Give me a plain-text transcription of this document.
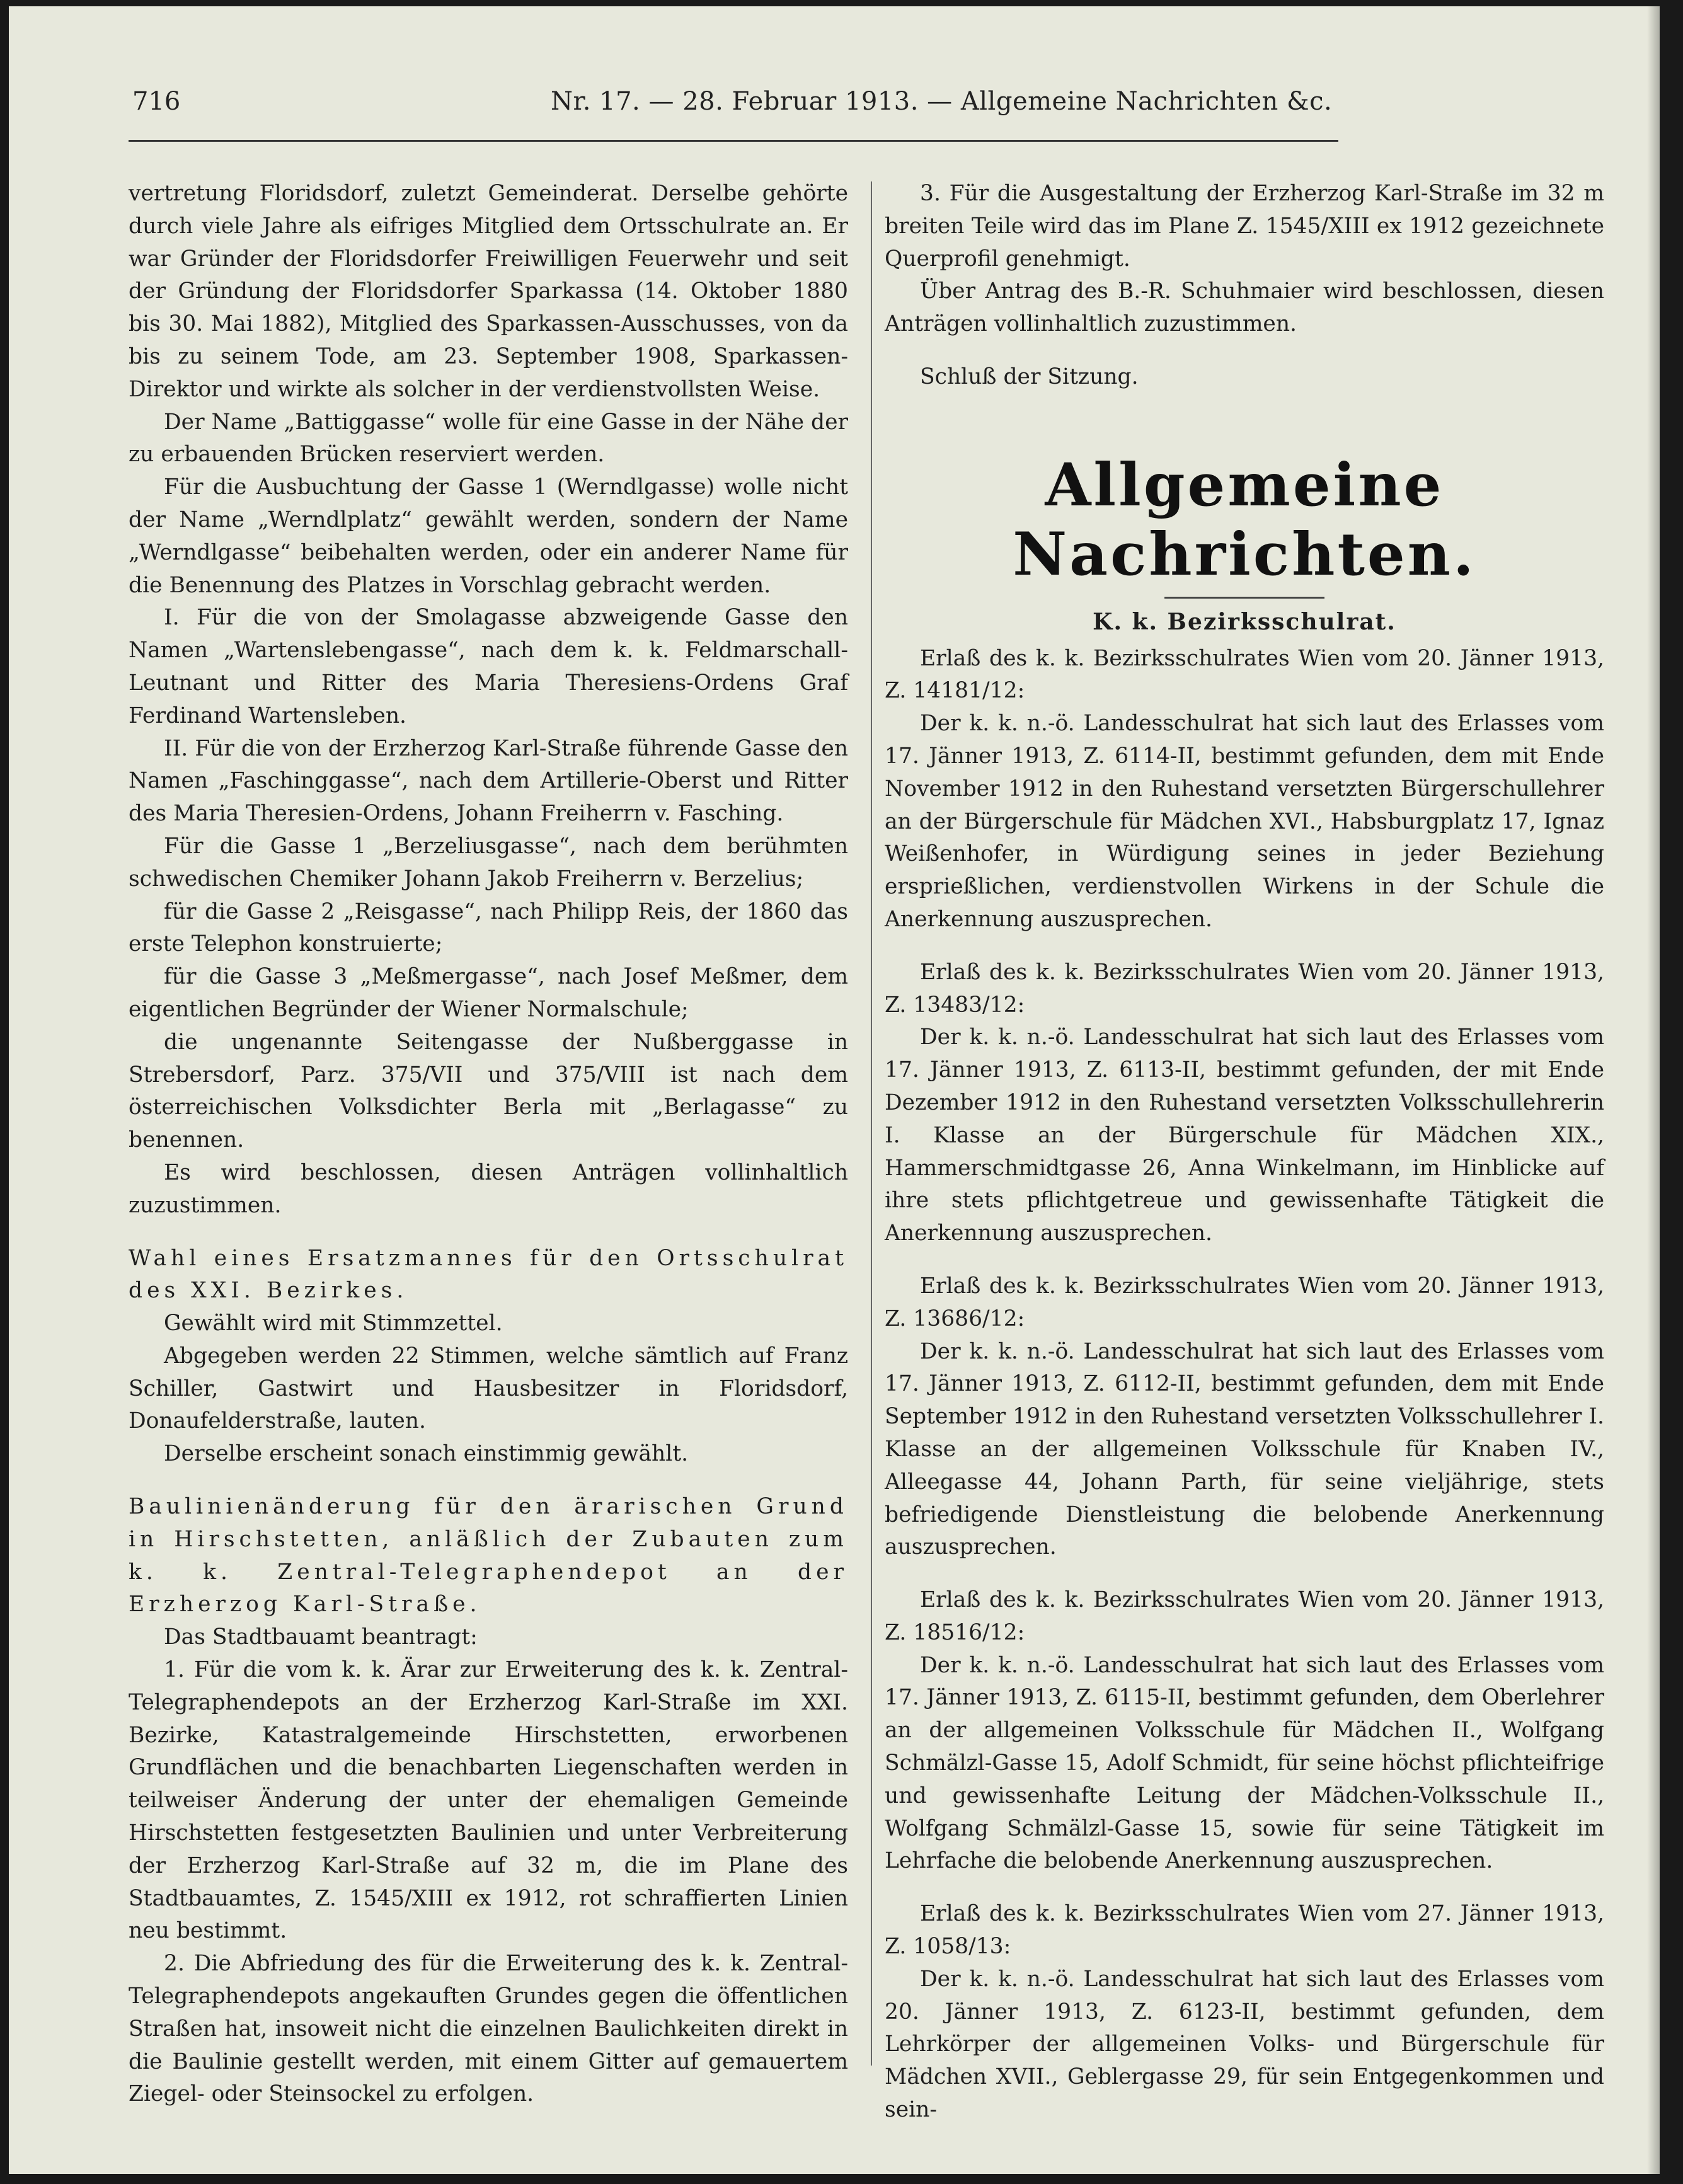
716	Nr. 17. — 28. Februar 1913. — Allgemeine Nachrichten &c.

vertretung Floridsdorf, zuletzt Gemeinderat. Derselbe gehörte durch viele Jahre als eifriges Mitglied dem Ortsschulrate an. Er war Gründer der Floridsdorfer Freiwilligen Feuerwehr und seit der Gründung der Floridsdorfer Sparkassa (14. Oktober 1880 bis 30. Mai 1882), Mitglied des Sparkassen-Ausschusses, von da bis zu seinem Tode, am 23. September 1908, Sparkassen-Direktor und wirkte als solcher in der verdienstvollsten Weise.

Der Name „Battiggasse“ wolle für eine Gasse in der Nähe der zu erbauenden Brücken reserviert werden.

Für die Ausbuchtung der Gasse 1 (Werndlgasse) wolle nicht der Name „Werndlplatz“ gewählt werden, sondern der Name „Werndlgasse“ beibehalten werden, oder ein anderer Name für die Benennung des Platzes in Vorschlag gebracht werden.

I. Für die von der Smolagasse abzweigende Gasse den Namen „Wartenslebengasse“, nach dem k. k. Feldmarschall-Leutnant und Ritter des Maria Theresiens-Ordens Graf Ferdinand Wartensleben.

II. Für die von der Erzherzog Karl-Straße führende Gasse den Namen „Faschinggasse“, nach dem Artillerie-Oberst und Ritter des Maria Theresien-Ordens, Johann Freiherrn v. Fasching.

Für die Gasse 1 „Berzeliusgasse“, nach dem berühmten schwedischen Chemiker Johann Jakob Freiherrn v. Berzelius;

für die Gasse 2 „Reisgasse“, nach Philipp Reis, der 1860 das erste Telephon konstruierte;

für die Gasse 3 „Meßmergasse“, nach Josef Meßmer, dem eigentlichen Begründer der Wiener Normalschule;

die ungenannte Seitengasse der Nußberggasse in Strebersdorf, Parz. 375/VII und 375/VIII ist nach dem österreichischen Volksdichter Berla mit „Berlagasse“ zu benennen.

Es wird beschlossen, diesen Anträgen vollinhaltlich zuzustimmen.

Wahl eines Ersatzmannes für den Ortsschulrat des XXI. Bezirkes.

Gewählt wird mit Stimmzettel.

Abgegeben werden 22 Stimmen, welche sämtlich auf Franz Schiller, Gastwirt und Hausbesitzer in Floridsdorf, Donaufelderstraße, lauten.

Derselbe erscheint sonach einstimmig gewählt.

Baulinienänderung für den ärarischen Grund in Hirschstetten, anläßlich der Zubauten zum k. k. Zentral-Telegraphendepot an der Erzherzog Karl-Straße.

Das Stadtbauamt beantragt:

1. Für die vom k. k. Ärar zur Erweiterung des k. k. Zentral-Telegraphendepots an der Erzherzog Karl-Straße im XXI. Bezirke, Katastralgemeinde Hirschstetten, erworbenen Grundflächen und die benachbarten Liegenschaften werden in teilweiser Änderung der unter der ehemaligen Gemeinde Hirschstetten festgesetzten Baulinien und unter Verbreiterung der Erzherzog Karl-Straße auf 32 m, die im Plane des Stadtbauamtes, Z. 1545/XIII ex 1912, rot schraffierten Linien neu bestimmt.

2. Die Abfriedung des für die Erweiterung des k. k. Zentral-Telegraphendepots angekauften Grundes gegen die öffentlichen Straßen hat, insoweit nicht die einzelnen Baulichkeiten direkt in die Baulinie gestellt werden, mit einem Gitter auf gemauertem Ziegel- oder Steinsockel zu erfolgen.

3. Für die Ausgestaltung der Erzherzog Karl-Straße im 32 m breiten Teile wird das im Plane Z. 1545/XIII ex 1912 gezeichnete Querprofil genehmigt.

Über Antrag des B.-R. Schuhmaier wird beschlossen, diesen Anträgen vollinhaltlich zuzustimmen.

Schluß der Sitzung.

Allgemeine Nachrichten.
K. k. Bezirksschulrat.

Erlaß des k. k. Bezirksschulrates Wien vom 20. Jänner 1913, Z. 14181/12:

Der k. k. n.-ö. Landesschulrat hat sich laut des Erlasses vom 17. Jänner 1913, Z. 6114-II, bestimmt gefunden, dem mit Ende November 1912 in den Ruhestand versetzten Bürgerschullehrer an der Bürgerschule für Mädchen XVI., Habsburgplatz 17, Ignaz Weißenhofer, in Würdigung seines in jeder Beziehung ersprießlichen, verdienstvollen Wirkens in der Schule die Anerkennung auszusprechen.

Erlaß des k. k. Bezirksschulrates Wien vom 20. Jänner 1913, Z. 13483/12:

Der k. k. n.-ö. Landesschulrat hat sich laut des Erlasses vom 17. Jänner 1913, Z. 6113-II, bestimmt gefunden, der mit Ende Dezember 1912 in den Ruhestand versetzten Volksschullehrerin I. Klasse an der Bürgerschule für Mädchen XIX., Hammerschmidtgasse 26, Anna Winkelmann, im Hinblicke auf ihre stets pflichtgetreue und gewissenhafte Tätigkeit die Anerkennung auszusprechen.

Erlaß des k. k. Bezirksschulrates Wien vom 20. Jänner 1913, Z. 13686/12:

Der k. k. n.-ö. Landesschulrat hat sich laut des Erlasses vom 17. Jänner 1913, Z. 6112-II, bestimmt gefunden, dem mit Ende September 1912 in den Ruhestand versetzten Volksschullehrer I. Klasse an der allgemeinen Volksschule für Knaben IV., Alleegasse 44, Johann Parth, für seine vieljährige, stets befriedigende Dienstleistung die belobende Anerkennung auszusprechen.

Erlaß des k. k. Bezirksschulrates Wien vom 20. Jänner 1913, Z. 18516/12:

Der k. k. n.-ö. Landesschulrat hat sich laut des Erlasses vom 17. Jänner 1913, Z. 6115-II, bestimmt gefunden, dem Oberlehrer an der allgemeinen Volksschule für Mädchen II., Wolfgang Schmälzl-Gasse 15, Adolf Schmidt, für seine höchst pflichteifrige und gewissenhafte Leitung der Mädchen-Volksschule II., Wolfgang Schmälzl-Gasse 15, sowie für seine Tätigkeit im Lehrfache die belobende Anerkennung auszusprechen.

Erlaß des k. k. Bezirksschulrates Wien vom 27. Jänner 1913, Z. 1058/13:

Der k. k. n.-ö. Landesschulrat hat sich laut des Erlasses vom 20. Jänner 1913, Z. 6123-II, bestimmt gefunden, dem Lehrkörper der allgemeinen Volks- und Bürgerschule für Mädchen XVII., Geblergasse 29, für sein Entgegenkommen und sein-
